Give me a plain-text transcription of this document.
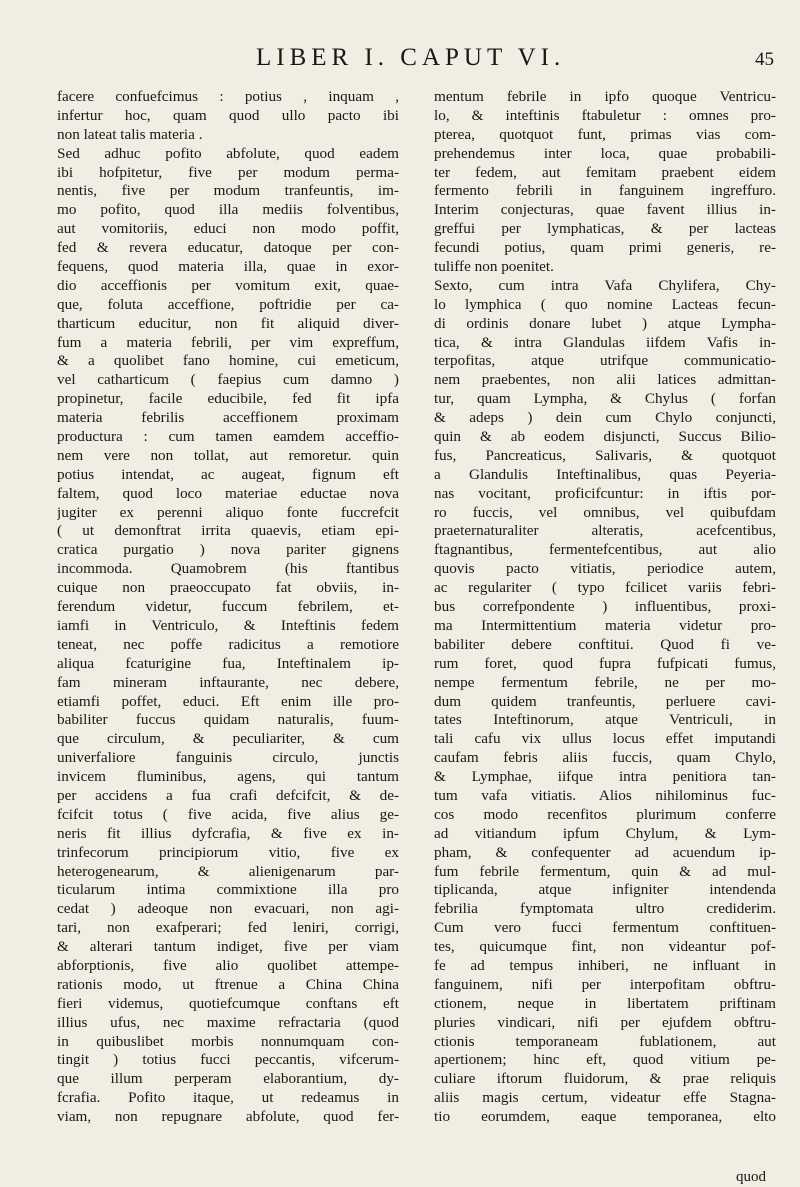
LIBER I. CAPUT VI.	45
facere confuefcimus : potius , inquam ,
infertur hoc, quam quod ullo pacto ibi
non lateat talis materia .
Sed adhuc pofito abfolute, quod eadem
ibi hofpitetur, five per modum perma-
nentis, five per modum tranfeuntis, im-
mo pofito, quod illa mediis folventibus,
aut vomitoriis, educi non modo poffit,
fed & revera educatur, datoque per con-
fequens, quod materia illa, quae in exor-
dio acceffionis per vomitum exit, quae-
que, foluta acceffione, poftridie per ca-
tharticum educitur, non fit aliquid diver-
fum a materia febrili, per vim expreffum,
& a quolibet fano homine, cui emeticum,
vel catharticum ( faepius cum damno )
propinetur, facile educibile, fed fit ipfa
materia febrilis acceffionem proximam
productura : cum tamen eamdem acceffio-
nem vere non tollat, aut remoretur. quin
potius intendat, ac augeat, fignum eft
faltem, quod loco materiae eductae nova
jugiter ex perenni aliquo fonte fuccrefcit
( ut demonftrat irrita quaevis, etiam epi-
cratica purgatio ) nova pariter gignens
incommoda. Quamobrem (his ftantibus
cuique non praeoccupato fat obviis, in-
ferendum videtur, fuccum febrilem, et-
iamfi in Ventriculo, & Inteftinis fedem
teneat, nec poffe radicitus a remotiore
aliqua fcaturigine fua, Inteftinalem ip-
fam mineram inftaurante, nec debere,
etiamfi poffet, educi. Eft enim ille pro-
babiliter fuccus quidam naturalis, fuum-
que circulum, & peculiariter, & cum
univerfaliore fanguinis circulo, junctis
invicem fluminibus, agens, qui tantum
per accidens a fua crafi defcifcit, & de-
fcifcit totus ( five acida, five alius ge-
neris fit illius dyfcrafia, & five ex in-
trinfecorum principiorum vitio, five ex
heterogenearum, & alienigenarum par-
ticularum intima commixtione illa pro
cedat ) adeoque non evacuari, non agi-
tari, non exafperari; fed leniri, corrigi,
& alterari tantum indiget, five per viam
abforptionis, five alio quolibet attempe-
rationis modo, ut ftrenue a China China
fieri videmus, quotiefcumque conftans eft
illius ufus, nec maxime refractaria (quod
in quibuslibet morbis nonnumquam con-
tingit ) totius fucci peccantis, vifcerum-
que illum perperam elaborantium, dy-
fcrafia. Pofito itaque, ut redeamus in
viam, non repugnare abfolute, quod fer-
mentum febrile in ipfo quoque Ventricu-
lo, & inteftinis ftabuletur : omnes pro-
pterea, quotquot funt, primas vias com-
prehendemus inter loca, quae probabili-
ter fedem, aut femitam praebent eidem
fermento febrili in fanguinem ingreffuro.
Interim conjecturas, quae favent illius in-
greffui per lymphaticas, & per lacteas
fecundi potius, quam primi generis, re-
tuliffe non poenitet.
Sexto, cum intra Vafa Chylifera, Chy-
lo lymphica ( quo nomine Lacteas fecun-
di ordinis donare lubet ) atque Lympha-
tica, & intra Glandulas iifdem Vafis in-
terpofitas, atque utrifque communicatio-
nem praebentes, non alii latices admittan-
tur, quam Lympha, & Chylus ( forfan
& adeps ) dein cum Chylo conjuncti,
quin & ab eodem disjuncti, Succus Bilio-
fus, Pancreaticus, Salivaris, & quotquot
a Glandulis Inteftinalibus, quas Peyeria-
nas vocitant, proficifcuntur: in iftis por-
ro fuccis, vel omnibus, vel quibufdam
praeternaturaliter alteratis, acefcentibus,
ftagnantibus, fermentefcentibus, aut alio
quovis pacto vitiatis, periodice autem,
ac regulariter ( typo fcilicet variis febri-
bus correfpondente ) influentibus, proxi-
ma Intermittentium materia videtur pro-
babiliter debere conftitui. Quod fi ve-
rum foret, quod fupra fufpicati fumus,
nempe fermentum febrile, ne per mo-
dum quidem tranfeuntis, perluere cavi-
tates Inteftinorum, atque Ventriculi, in
tali cafu vix ullus locus effet imputandi
caufam febris aliis fuccis, quam Chylo,
& Lymphae, iifque intra penitiora tan-
tum vafa vitiatis. Alios nihilominus fuc-
cos modo recenfitos plurimum conferre
ad vitiandum ipfum Chylum, & Lym-
pham, & confequenter ad acuendum ip-
fum febrile fermentum, quin & ad mul-
tiplicanda, atque infigniter intendenda
febrilia fymptomata ultro crediderim.
Cum vero fucci fermentum conftituen-
tes, quicumque fint, non videantur pof-
fe ad tempus inhiberi, ne influant in
fanguinem, nifi per interpofitam obftru-
ctionem, neque in libertatem priftinam
pluries vindicari, nifi per ejufdem obftru-
ctionis temporaneam fublationem, aut
apertionem; hinc eft, quod vitium pe-
culiare iftorum fluidorum, & prae reliquis
aliis magis certum, videatur effe Stagna-
tio eorumdem, eaque temporanea, elto
quod
